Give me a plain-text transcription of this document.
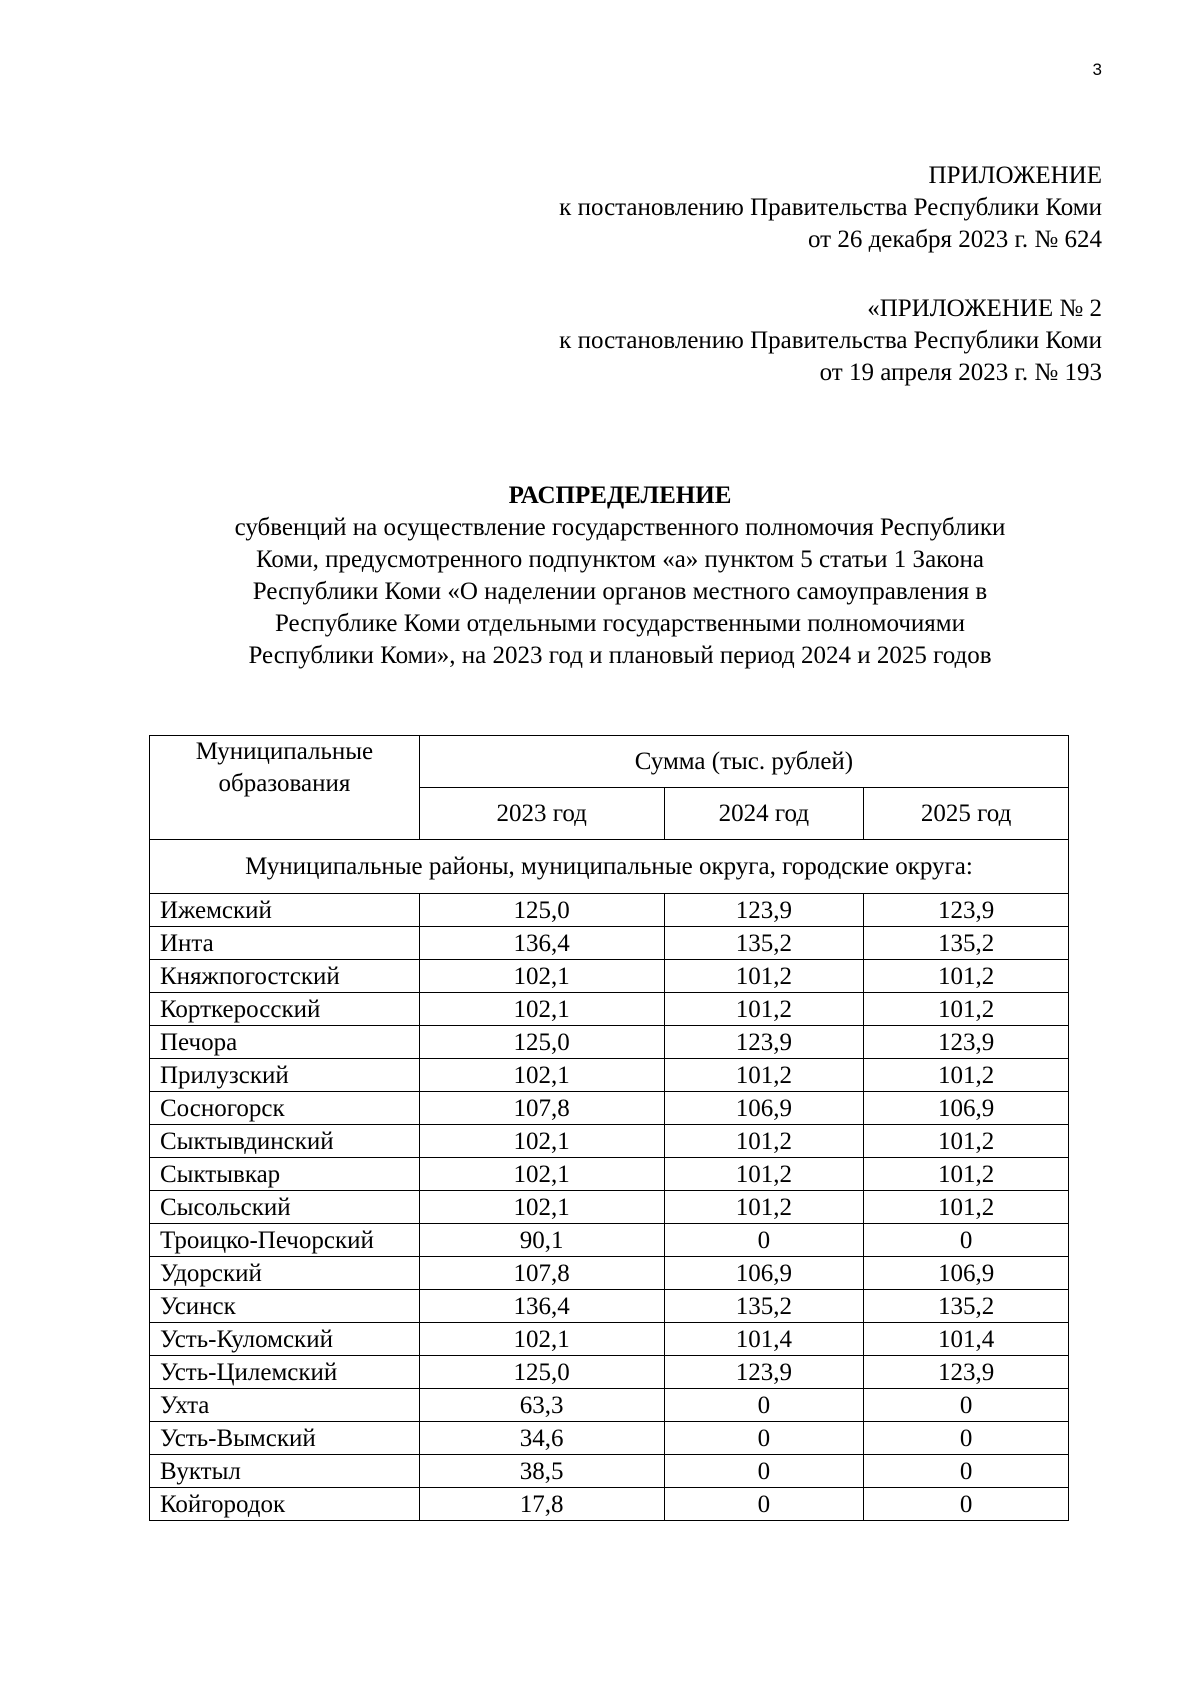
3
ПРИЛОЖЕНИЕ
к постановлению Правительства Республики Коми
от 26 декабря 2023 г. № 624
«ПРИЛОЖЕНИЕ № 2
к постановлению Правительства Республики Коми
от 19 апреля 2023 г. № 193
РАСПРЕДЕЛЕНИЕ
субвенций на осуществление государственного полномочия Республики
Коми, предусмотренного подпунктом «а» пунктом 5 статьи 1 Закона
Республики Коми «О наделении органов местного самоуправления в
Республике Коми отдельными государственными полномочиями
Республики Коми», на 2023 год и плановый период 2024 и 2025 годов
Муниципальные образования	Сумма (тыс. рублей)		
	2023 год	2024 год	2025 год
Муниципальные районы, муниципальные округа, городские округа:			
Ижемский	125,0	123,9	123,9
Инта	136,4	135,2	135,2
Княжпогостский	102,1	101,2	101,2
Корткеросский	102,1	101,2	101,2
Печора	125,0	123,9	123,9
Прилузский	102,1	101,2	101,2
Сосногорск	107,8	106,9	106,9
Сыктывдинский	102,1	101,2	101,2
Сыктывкар	102,1	101,2	101,2
Сысольский	102,1	101,2	101,2
Троицко-Печорский	90,1	0	0
Удорский	107,8	106,9	106,9
Усинск	136,4	135,2	135,2
Усть-Куломский	102,1	101,4	101,4
Усть-Цилемский	125,0	123,9	123,9
Ухта	63,3	0	0
Усть-Вымский	34,6	0	0
Вуктыл	38,5	0	0
Койгородок	17,8	0	0
